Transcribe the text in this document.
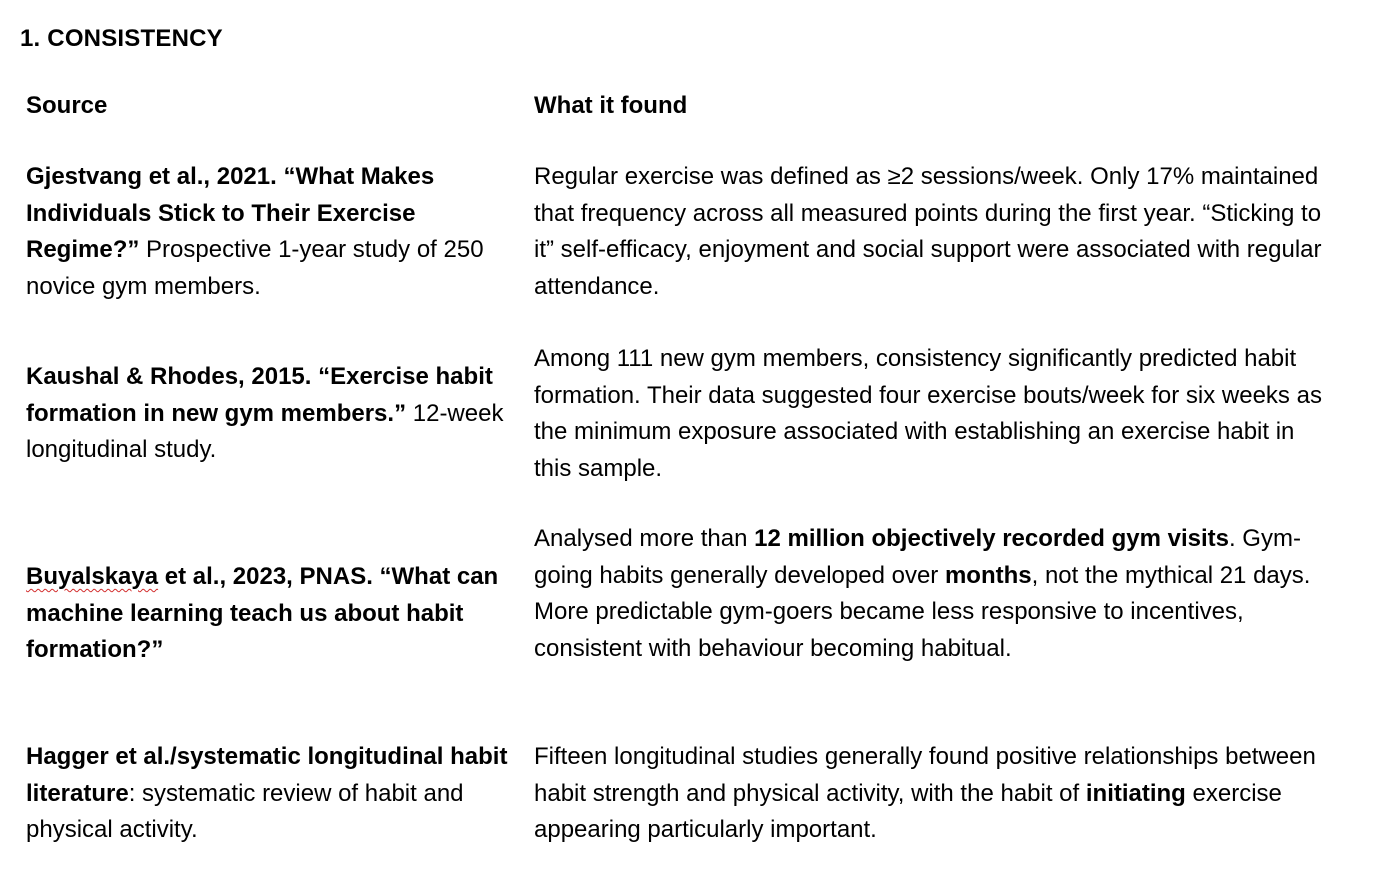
1. CONSISTENCY
Source	What it found

Gjestvang et al., 2021. “What Makes Individuals Stick to Their Exercise Regime?” Prospective 1-year study of 250 novice gym members.

Regular exercise was defined as ≥2 sessions/week. Only 17% maintained that frequency across all measured points during the first year. “Sticking to it” self-efficacy, enjoyment and social support were associated with regular attendance.

Kaushal & Rhodes, 2015. “Exercise habit formation in new gym members.” 12-week longitudinal study.

Among 111 new gym members, consistency significantly predicted habit formation. Their data suggested four exercise bouts/week for six weeks as the minimum exposure associated with establishing an exercise habit in this sample.

Buyalskaya et al., 2023, PNAS. “What can machine learning teach us about habit formation?”

Analysed more than 12 million objectively recorded gym visits. Gym-going habits generally developed over months, not the mythical 21 days. More predictable gym-goers became less responsive to incentives, consistent with behaviour becoming habitual.

Hagger et al./systematic longitudinal habit literature: systematic review of habit and physical activity.

Fifteen longitudinal studies generally found positive relationships between habit strength and physical activity, with the habit of initiating exercise appearing particularly important.
